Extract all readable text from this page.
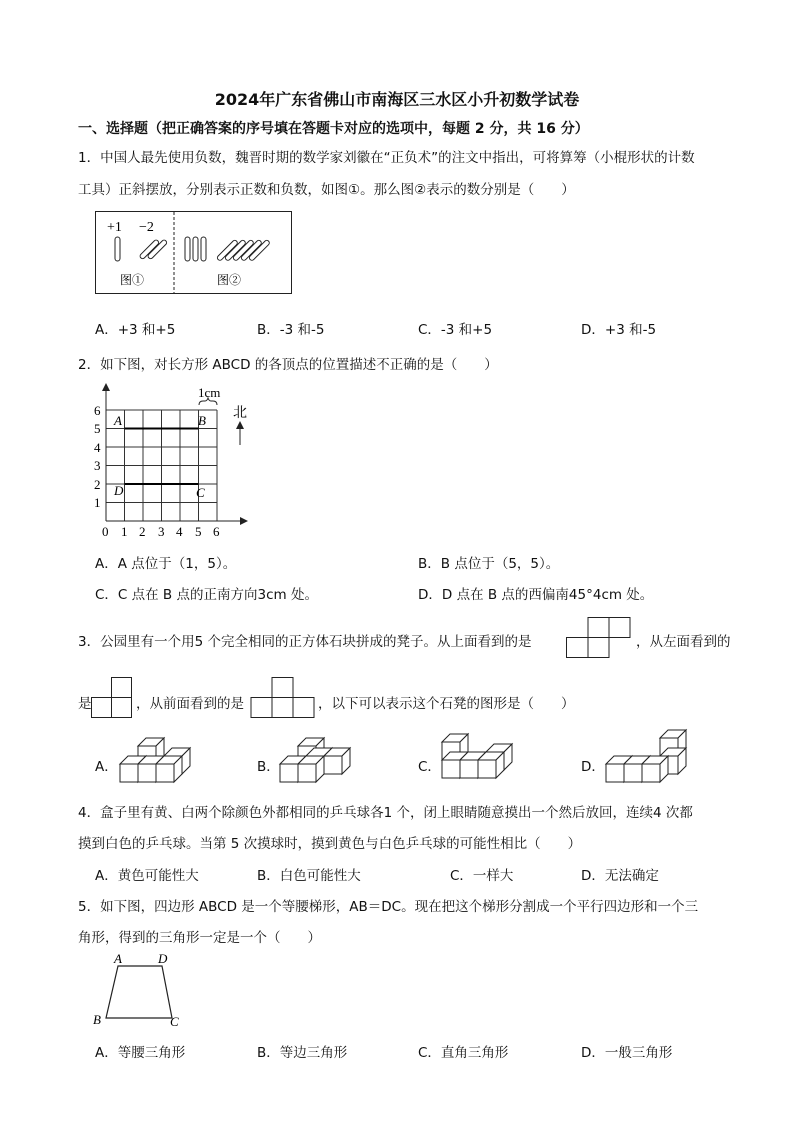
2024年广东省佛山市南海区三水区小升初数学试卷
一、选择题（把正确答案的序号填在答题卡对应的选项中，每题 2 分，共 16 分）
1．中国人最先使用负数，魏晋时期的数学家刘徽在“正负术”的注文中指出，可将算筹（小棍形状的计数
工具）正斜摆放，分别表示正数和负数，如图①。那么图②表示的数分别是（　　）
+1 −2
图①	图②
A．+3 和+5	B．-3 和-5	C．-3 和+5	D．+3 和-5
2．如下图，对长方形 ABCD 的各顶点的位置描述不正确的是（　　）
6
5
4
3
2
1
0 1 2 3 4 5 6
A	B
C
D
1cm
北
A．A 点位于（1，5）。	B．B 点位于（5，5）。
C．C 点在 B 点的正南方向3cm 处。	D．D 点在 B 点的西偏南45°4cm 处。
3．公园里有一个用5 个完全相同的正方体石块拼成的凳子。从上面看到的是	，从左面看到的
是	，从前面看到的是	，以下可以表示这个石凳的图形是（　　）
A．	B．	C．	D．
4．盒子里有黄、白两个除颜色外都相同的乒乓球各1 个，闭上眼睛随意摸出一个然后放回，连续4 次都
摸到白色的乒乓球。当第 5 次摸球时，摸到黄色与白色乒乓球的可能性相比（　　）
A．黄色可能性大	B．白色可能性大	C．一样大	D．无法确定
5．如下图，四边形 ABCD 是一个等腰梯形，AB＝DC。现在把这个梯形分割成一个平行四边形和一个三
角形，得到的三角形一定是一个（　　）
A	D
B	C
A．等腰三角形	B．等边三角形	C．直角三角形	D．一般三角形
